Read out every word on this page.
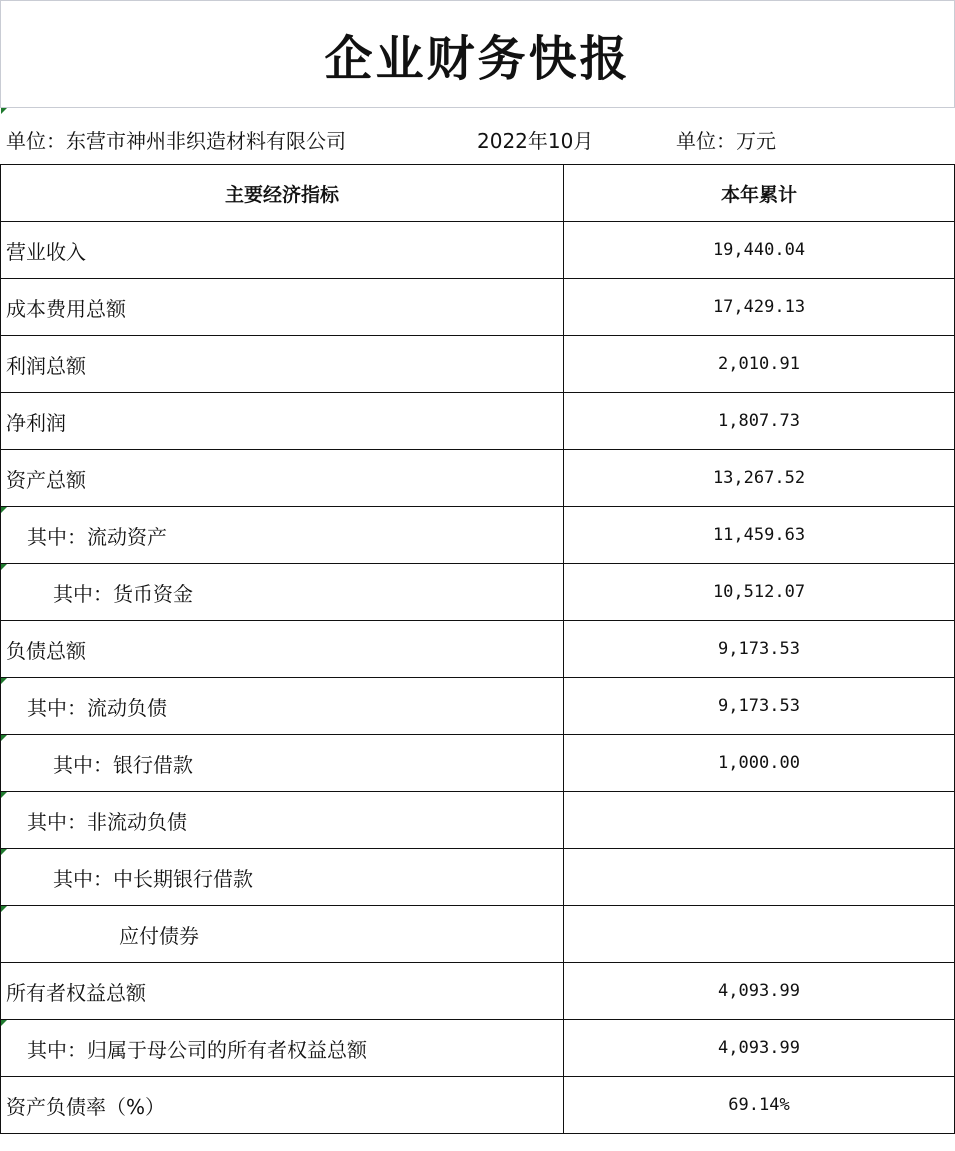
企业财务快报
单位：东营市神州非织造材料有限公司	2022年10月	单位：万元
主要经济指标	本年累计
营业收入	19,440.04
成本费用总额	17,429.13
利润总额	2,010.91
净利润	1,807.73
资产总额	13,267.52
其中：流动资产	11,459.63
其中：货币资金	10,512.07
负债总额	9,173.53
其中：流动负债	9,173.53
其中：银行借款	1,000.00
其中：非流动负债	
其中：中长期银行借款	
应付债券	
所有者权益总额	4,093.99
其中：归属于母公司的所有者权益总额	4,093.99
资产负债率（%）	69.14%
